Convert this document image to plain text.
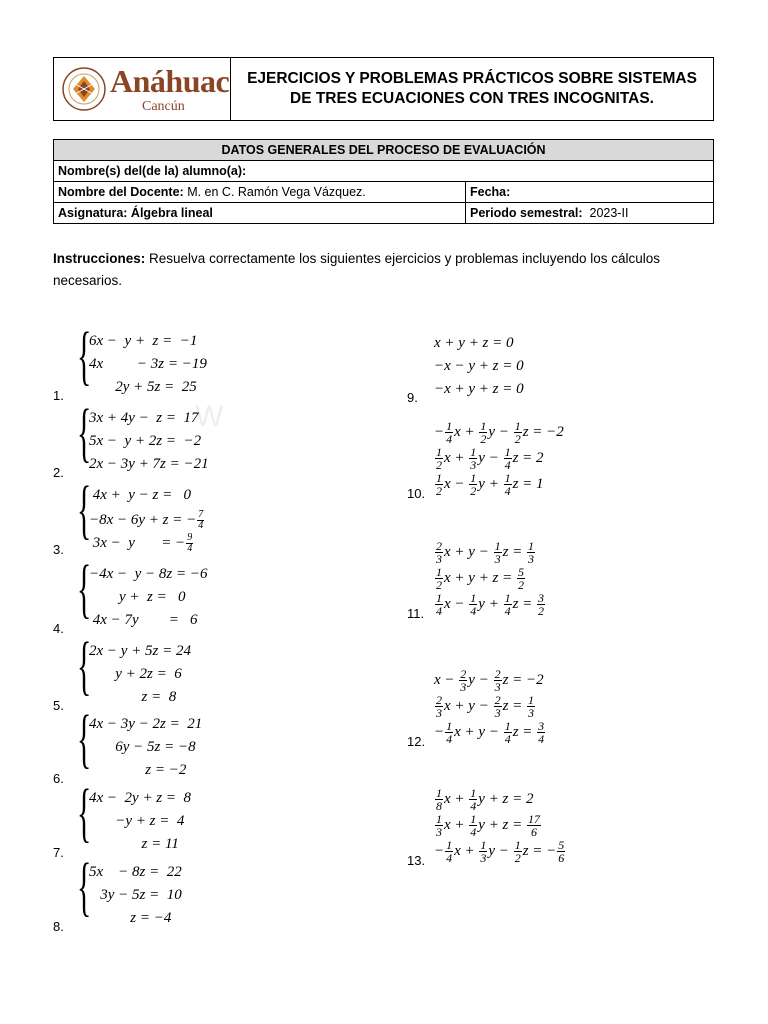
Anáhuac
Cancún
EJERCICIOS Y PROBLEMAS PRÁCTICOS SOBRE SISTEMAS DE TRES ECUACIONES CON TRES INCOGNITAS.
DATOS GENERALES DEL PROCESO DE EVALUACIÓN	
Nombre(s) del(de la) alumno(a):	
Nombre del Docente: M. en C. Ramón Vega Vázquez.	Fecha:
Asignatura: Álgebra lineal	Periodo semestral: 2023-II
Instrucciones: Resuelva correctamente los siguientes ejercicios y problemas incluyendo los cálculos necesarios.
W
{
6x −  y +  z =  −1
4x         − 3z = −19
2y + 5z =  25
1.
{
3x + 4y −  z =  17
5x −  y + 2z =  −2
2x − 3y + 7z = −21
2.
{
4x +  y − z =   0
−8x − 6y + z = − $\frac{7}{4}$
3x −  y       = − $\frac{9}{4}$
3.
{
−4x −  y − 8z = −6
y +  z =   0
4x − 7y        =   6
4.
{
2x − y + 5z = 24
y + 2z =  6
z =  8
5. {
4x − 3y − 2z =  21
6y − 5z = −8
z = −2
6. {
4x −  2y + z =  8
−y + z =  4
z = 11
7. {
5x    − 8z =  22
3y − 5z =  10
z = −4
8.
x + y + z = 0
−x − y + z = 0
−x + y + z = 0
9.
− $\frac{1}{4}$ $x + \frac{1}{2}$ $y - \frac{1}{2}$ z = −2
$\frac{1}{2}$ $x + \frac{1}{3}$ $y - \frac{1}{4}$ z = 2
$\frac{1}{2}$ $x - \frac{1}{2}$ $y + \frac{1}{4}$ z = 1
10.
$\frac{2}{3}$ $x + y - \frac{1}{3}$ $z = \frac{1}{3}$
$\frac{1}{2}$ $x + y + z = \frac{5}{2}$
$\frac{1}{4}$ $x - \frac{1}{4}$ $y + \frac{1}{4}$ $z = \frac{3}{2}$
11.
$x - \frac{2}{3}$ $y - \frac{2}{3}$ z = −2
$\frac{2}{3}$ $x + y - \frac{2}{3}$ $z = \frac{1}{3}$
− $\frac{1}{4}$ $x + y - \frac{1}{4}$ $z = \frac{3}{4}$
12.
$\frac{1}{8}$ $x + \frac{1}{4}$ y + z = 2
$\frac{1}{3}$ $x + \frac{1}{4}$ $y + z = \frac{17}{6}$
− $\frac{1}{4}$ $x + \frac{1}{3}$ $y - \frac{1}{2}$ z = − $\frac{5}{6}$
13.
